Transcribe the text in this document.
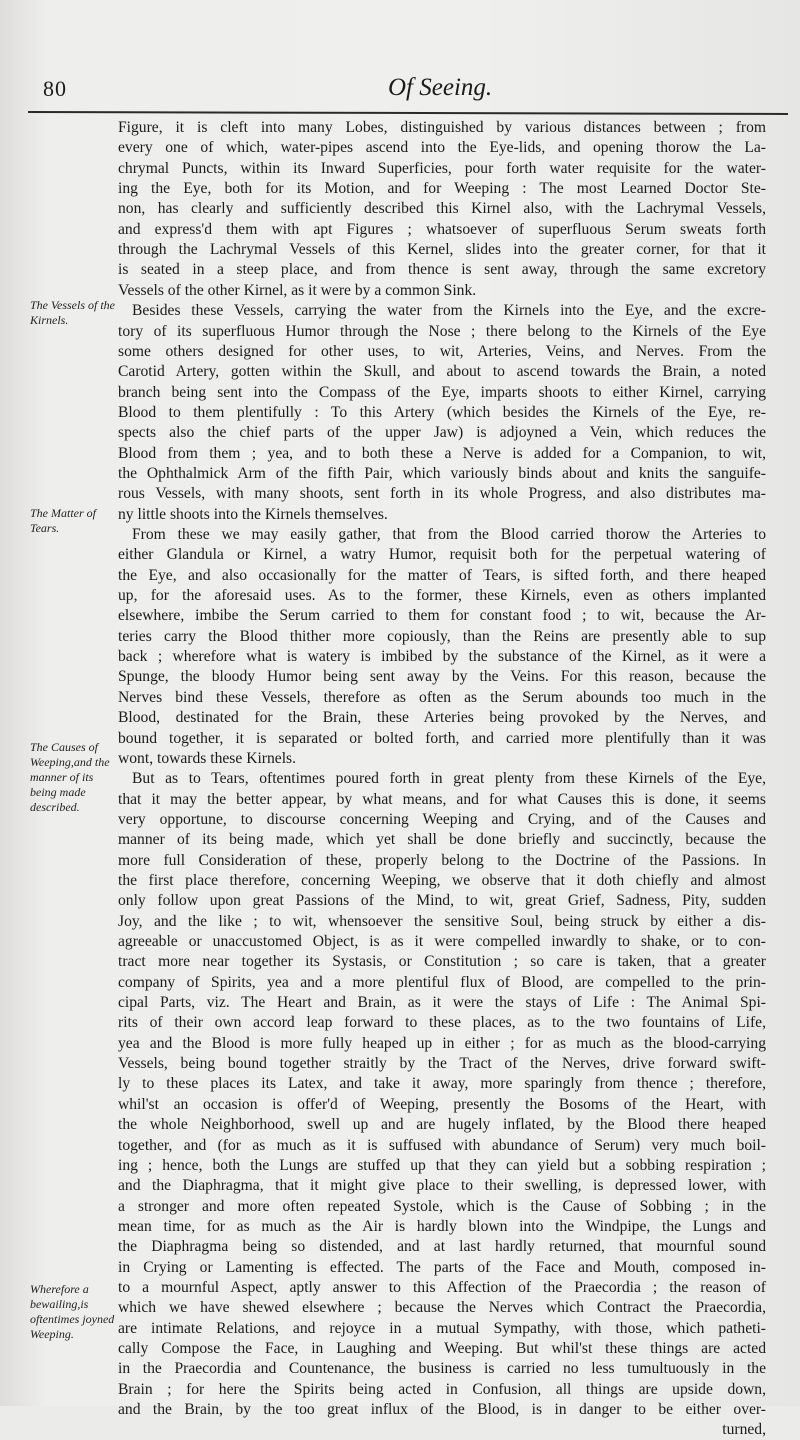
80	Of Seeing.
The Vessels of the Kirnels.
The Matter of Tears.
The Causes of Weeping,and the manner of its being made described.
Wherefore a bewailing,is oftentimes joyned Weeping.
Figure, it is cleft into many Lobes, distinguished by various distances between ; from
every one of which, water-pipes ascend into the Eye-lids, and opening thorow the La-
chrymal Puncts, within its Inward Superficies, pour forth water requisite for the water-
ing the Eye, both for its Motion, and for Weeping : The most Learned Doctor Ste-
non, has clearly and sufficiently described this Kirnel also, with the Lachrymal Vessels,
and express'd them with apt Figures ; whatsoever of superfluous Serum sweats forth
through the Lachrymal Vessels of this Kernel, slides into the greater corner, for that it
is seated in a steep place, and from thence is sent away, through the same excretory
Vessels of the other Kirnel, as it were by a common Sink.
Besides these Vessels, carrying the water from the Kirnels into the Eye, and the excre-
tory of its superfluous Humor through the Nose ; there belong to the Kirnels of the Eye
some others designed for other uses, to wit, Arteries, Veins, and Nerves. From the
Carotid Artery, gotten within the Skull, and about to ascend towards the Brain, a noted
branch being sent into the Compass of the Eye, imparts shoots to either Kirnel, carrying
Blood to them plentifully : To this Artery (which besides the Kirnels of the Eye, re-
spects also the chief parts of the upper Jaw) is adjoyned a Vein, which reduces the
Blood from them ; yea, and to both these a Nerve is added for a Companion, to wit,
the Ophthalmick Arm of the fifth Pair, which variously binds about and knits the sanguife-
rous Vessels, with many shoots, sent forth in its whole Progress, and also distributes ma-
ny little shoots into the Kirnels themselves.
From these we may easily gather, that from the Blood carried thorow the Arteries to
either Glandula or Kirnel, a watry Humor, requisit both for the perpetual watering of
the Eye, and also occasionally for the matter of Tears, is sifted forth, and there heaped
up, for the aforesaid uses. As to the former, these Kirnels, even as others implanted
elsewhere, imbibe the Serum carried to them for constant food ; to wit, because the Ar-
teries carry the Blood thither more copiously, than the Reins are presently able to sup
back ; wherefore what is watery is imbibed by the substance of the Kirnel, as it were a
Spunge, the bloody Humor being sent away by the Veins. For this reason, because the
Nerves bind these Vessels, therefore as often as the Serum abounds too much in the
Blood, destinated for the Brain, these Arteries being provoked by the Nerves, and
bound together, it is separated or bolted forth, and carried more plentifully than it was
wont, towards these Kirnels.
But as to Tears, oftentimes poured forth in great plenty from these Kirnels of the Eye,
that it may the better appear, by what means, and for what Causes this is done, it seems
very opportune, to discourse concerning Weeping and Crying, and of the Causes and
manner of its being made, which yet shall be done briefly and succinctly, because the
more full Consideration of these, properly belong to the Doctrine of the Passions. In
the first place therefore, concerning Weeping, we observe that it doth chiefly and almost
only follow upon great Passions of the Mind, to wit, great Grief, Sadness, Pity, sudden
Joy, and the like ; to wit, whensoever the sensitive Soul, being struck by either a dis-
agreeable or unaccustomed Object, is as it were compelled inwardly to shake, or to con-
tract more near together its Systasis, or Constitution ; so care is taken, that a greater
company of Spirits, yea and a more plentiful flux of Blood, are compelled to the prin-
cipal Parts, viz. The Heart and Brain, as it were the stays of Life : The Animal Spi-
rits of their own accord leap forward to these places, as to the two fountains of Life,
yea and the Blood is more fully heaped up in either ; for as much as the blood-carrying
Vessels, being bound together straitly by the Tract of the Nerves, drive forward swift-
ly to these places its Latex, and take it away, more sparingly from thence ; therefore,
whil'st an occasion is offer'd of Weeping, presently the Bosoms of the Heart, with
the whole Neighborhood, swell up and are hugely inflated, by the Blood there heaped
together, and (for as much as it is suffused with abundance of Serum) very much boil-
ing ; hence, both the Lungs are stuffed up that they can yield but a sobbing respiration ;
and the Diaphragma, that it might give place to their swelling, is depressed lower, with
a stronger and more often repeated Systole, which is the Cause of Sobbing ; in the
mean time, for as much as the Air is hardly blown into the Windpipe, the Lungs and
the Diaphragma being so distended, and at last hardly returned, that mournful sound
in Crying or Lamenting is effected. The parts of the Face and Mouth, composed in-
to a mournful Aspect, aptly answer to this Affection of the Praecordia ; the reason of
which we have shewed elsewhere ; because the Nerves which Contract the Praecordia,
are intimate Relations, and rejoyce in a mutual Sympathy, with those, which patheti-
cally Compose the Face, in Laughing and Weeping. But whil'st these things are acted
in the Praecordia and Countenance, the business is carried no less tumultuously in the
Brain ; for here the Spirits being acted in Confusion, all things are upside down,
and the Brain, by the too great influx of the Blood, is in danger to be either over-
turned,
